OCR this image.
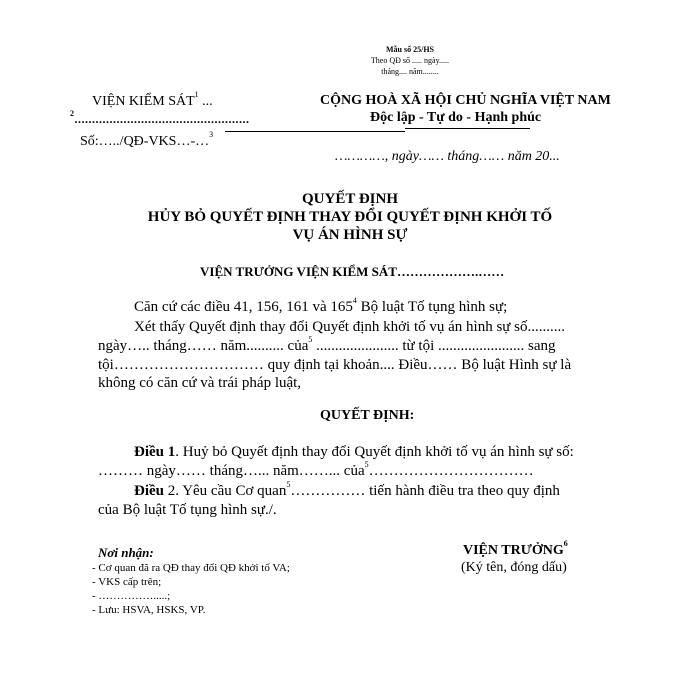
Mẫu số 25/HS
Theo QĐ số ..... ngày.....
tháng.... năm........
VIỆN KIỂM SÁT$^1$ ...
$^2$..................................................
Số:…../QĐ-VKS…-…$^3$
CỘNG HOÀ XÃ HỘI CHỦ NGHĨA VIỆT NAM
Độc lập - Tự do - Hạnh phúc
…………, ngày…… tháng…… năm 20...
QUYẾT ĐỊNH
HỦY BỎ QUYẾT ĐỊNH THAY ĐỔI QUYẾT ĐỊNH KHỞI TỐ
VỤ ÁN HÌNH SỰ
VIỆN TRƯỞNG VIỆN KIỂM SÁT……………….……
Căn cứ các điều 41, 156, 161 và $165^4$ Bộ luật Tố tụng hình sự;
Xét thấy Quyết định thay đổi Quyết định khởi tố vụ án hình sự số..........
ngày….. tháng…… năm.......... của$^5$ ...................... từ tội ....................... sang
tội………………………… quy định tại khoản.... Điều…… Bộ luật Hình sự là
không có căn cứ và trái pháp luật,
QUYẾT ĐỊNH:
Điều 1. Huỷ bỏ Quyết định thay đổi Quyết định khởi tố vụ án hình sự số:
……… ngày…… tháng…... năm……... của$^5$……………………………
Điều 2. Yêu cầu Cơ quan$^5$…………… tiến hành điều tra theo quy định
của Bộ luật Tố tụng hình sự./.
Nơi nhận:
- Cơ quan đã ra QĐ thay đổi QĐ khởi tố VA;
- VKS cấp trên;
- …………….....;
- Lưu: HSVA, HSKS, VP.
VIỆN TRƯỞNG$^6$
(Ký tên, đóng dấu)
